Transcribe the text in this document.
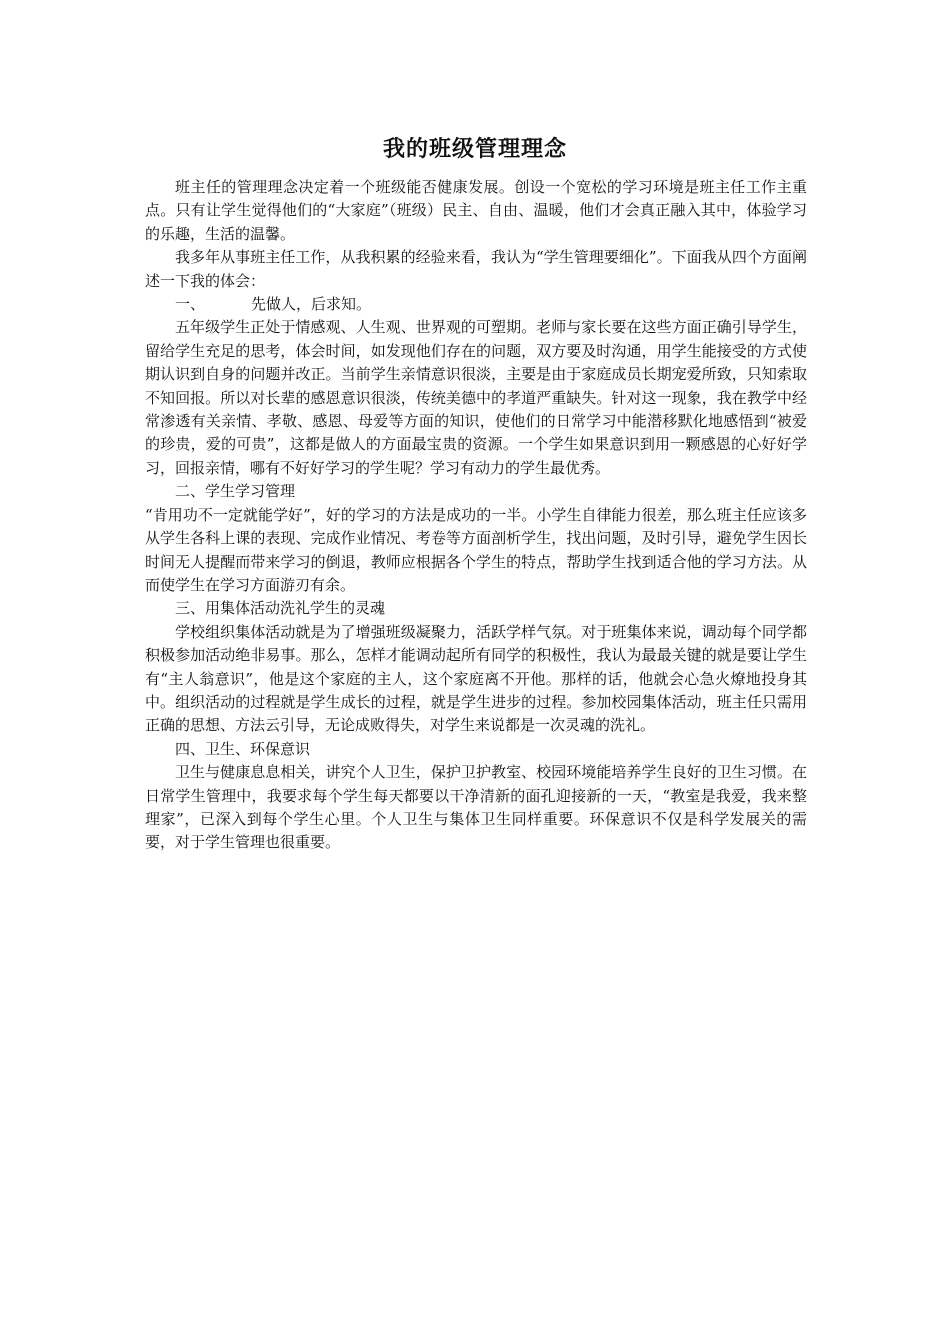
我的班级管理理念

班主任的管理理念决定着一个班级能否健康发展。创设一个宽松的学习环境是班主任工作主重点。只有让学生觉得他们的“大家庭”（班级）民主、自由、温暖，他们才会真正融入其中，体验学习的乐趣，生活的温馨。

我多年从事班主任工作，从我积累的经验来看，我认为“学生管理要细化”。下面我从四个方面阐述一下我的体会：

一、	先做人，后求知。

五年级学生正处于情感观、人生观、世界观的可塑期。老师与家长要在这些方面正确引导学生，留给学生充足的思考，体会时间，如发现他们存在的问题，双方要及时沟通，用学生能接受的方式使期认识到自身的问题并改正。当前学生亲情意识很淡，主要是由于家庭成员长期宠爱所致，只知索取不知回报。所以对长辈的感恩意识很淡，传统美德中的孝道严重缺失。针对这一现象，我在教学中经常渗透有关亲情、孝敬、感恩、母爱等方面的知识，使他们的日常学习中能潜移默化地感悟到“被爱的珍贵，爱的可贵”，这都是做人的方面最宝贵的资源。一个学生如果意识到用一颗感恩的心好好学习，回报亲情，哪有不好好学习的学生呢？学习有动力的学生最优秀。

二、学生学习管理

“肯用功不一定就能学好”，好的学习的方法是成功的一半。小学生自律能力很差，那么班主任应该多从学生各科上课的表现、完成作业情况、考卷等方面剖析学生，找出问题，及时引导，避免学生因长时间无人提醒而带来学习的倒退，教师应根据各个学生的特点，帮助学生找到适合他的学习方法。从而使学生在学习方面游刃有余。

三、用集体活动洗礼学生的灵魂

学校组织集体活动就是为了增强班级凝聚力，活跃学样气氛。对于班集体来说，调动每个同学都积极参加活动绝非易事。那么，怎样才能调动起所有同学的积极性，我认为最最关键的就是要让学生有“主人翁意识”，他是这个家庭的主人，这个家庭离不开他。那样的话，他就会心急火燎地投身其中。组织活动的过程就是学生成长的过程，就是学生进步的过程。参加校园集体活动，班主任只需用正确的思想、方法云引导，无论成败得失，对学生来说都是一次灵魂的洗礼。

四、卫生、环保意识

卫生与健康息息相关，讲究个人卫生，保护卫护教室、校园环境能培养学生良好的卫生习惯。在日常学生管理中，我要求每个学生每天都要以干净清新的面孔迎接新的一天，“教室是我爱，我来整理家”，已深入到每个学生心里。个人卫生与集体卫生同样重要。环保意识不仅是科学发展关的需要，对于学生管理也很重要。
